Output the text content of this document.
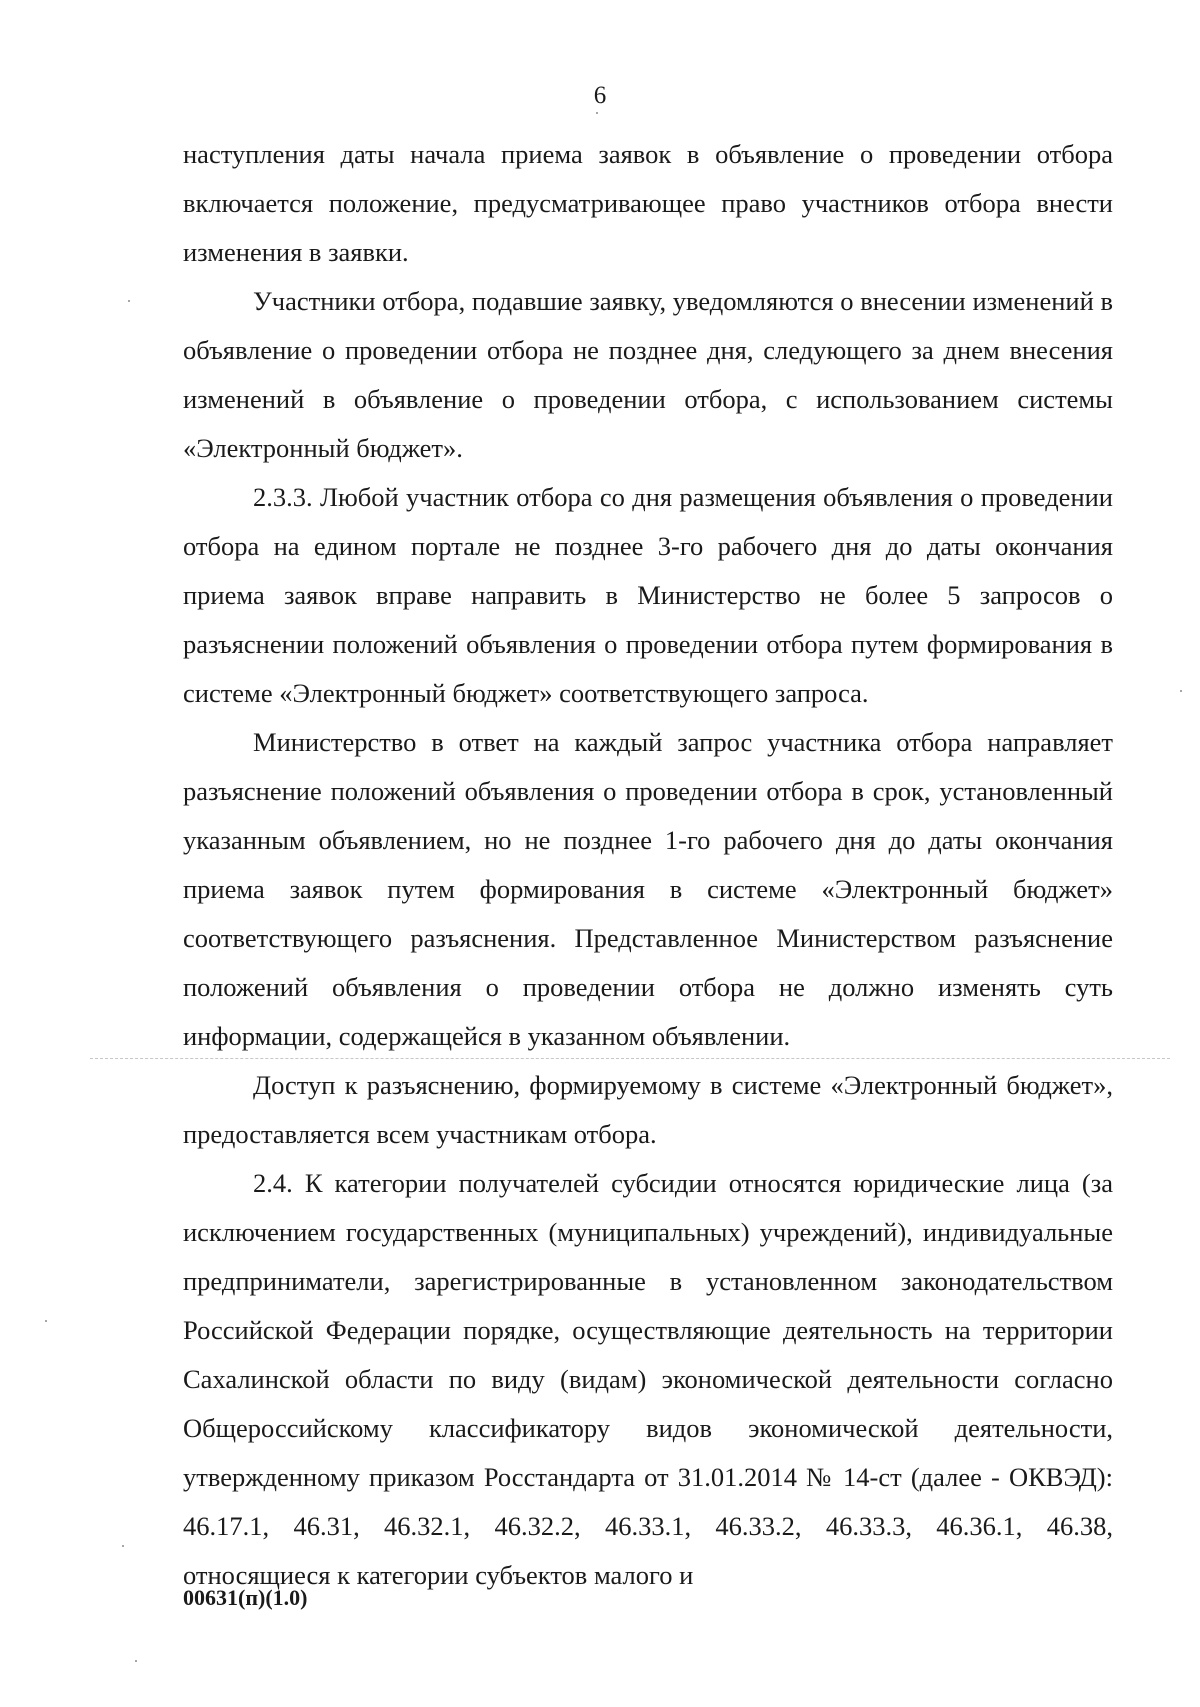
6

наступления даты начала приема заявок в объявление о проведении отбора включается положение, предусматривающее право участников отбора внести изменения в заявки.

Участники отбора, подавшие заявку, уведомляются о внесении изменений в объявление о проведении отбора не позднее дня, следующего за днем внесения изменений в объявление о проведении отбора, с использованием системы «Электронный бюджет».

2.3.3. Любой участник отбора со дня размещения объявления о проведении отбора на едином портале не позднее 3-го рабочего дня до даты окончания приема заявок вправе направить в Министерство не более 5 запросов о разъяснении положений объявления о проведении отбора путем формирования в системе «Электронный бюджет» соответствующего запроса.

Министерство в ответ на каждый запрос участника отбора направляет разъяснение положений объявления о проведении отбора в срок, установленный указанным объявлением, но не позднее 1-го рабочего дня до даты окончания приема заявок путем формирования в системе «Электронный бюджет» соответствующего разъяснения. Представленное Министерством разъяснение положений объявления о проведении отбора не должно изменять суть информации, содержащейся в указанном объявлении.

Доступ к разъяснению, формируемому в системе «Электронный бюджет», предоставляется всем участникам отбора.

2.4. К категории получателей субсидии относятся юридические лица (за исключением государственных (муниципальных) учреждений), индивидуальные предприниматели, зарегистрированные в установленном законодательством Российской Федерации порядке, осуществляющие деятельность на территории Сахалинской области по виду (видам) экономической деятельности согласно Общероссийскому классификатору видов экономической деятельности, утвержденному приказом Росстандарта от 31.01.2014 № 14-ст (далее - ОКВЭД): 46.17.1, 46.31, 46.32.1, 46.32.2, 46.33.1, 46.33.2, 46.33.3, 46.36.1, 46.38, относящиеся к категории субъектов малого и

00631(п)(1.0)
